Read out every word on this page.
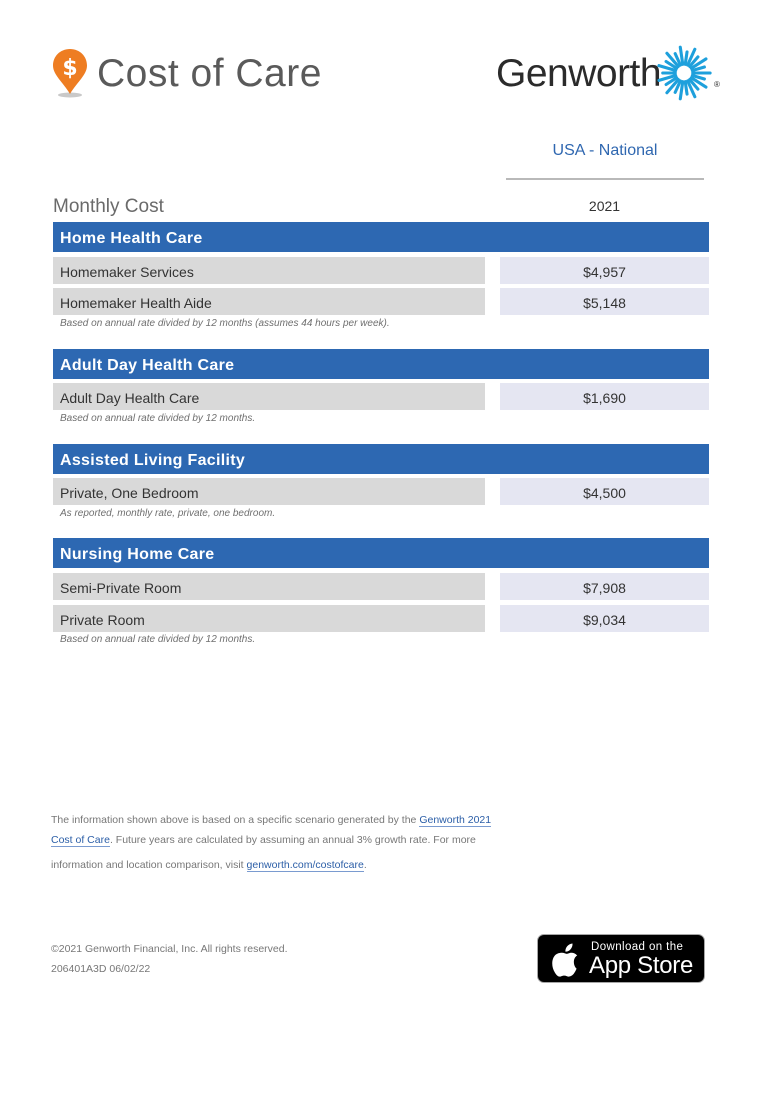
$ Cost of Care	Genworth	®
USA - National
Monthly Cost	2021
Home Health Care
Homemaker Services	$4,957
Homemaker Health Aide	$5,148
Based on annual rate divided by 12 months (assumes 44 hours per week).
Adult Day Health Care
Adult Day Health Care	$1,690
Based on annual rate divided by 12 months.
Assisted Living Facility
Private, One Bedroom	$4,500
As reported, monthly rate, private, one bedroom.
Nursing Home Care
Semi-Private Room	$7,908
Private Room	$9,034
Based on annual rate divided by 12 months.
The information shown above is based on a specific scenario generated by the Genworth 2021
Cost of Care. Future years are calculated by assuming an annual 3% growth rate. For more
information and location comparison, visit genworth.com/costofcare.
©2021 Genworth Financial, Inc. All rights reserved.
206401A3D 06/02/22
Download on the
App Store
